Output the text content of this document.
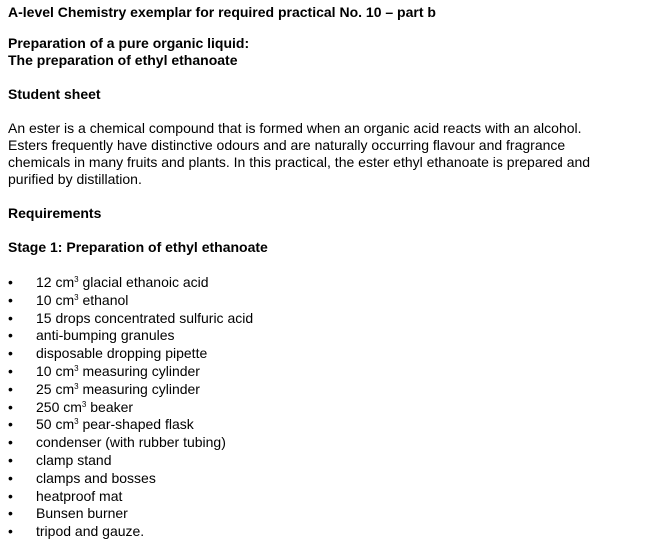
A-level Chemistry exemplar for required practical No. 10 – part b
Preparation of a pure organic liquid:
The preparation of ethyl ethanoate
Student sheet
An ester is a chemical compound that is formed when an organic acid reacts with an alcohol.
Esters frequently have distinctive odours and are naturally occurring flavour and fragrance
chemicals in many fruits and plants. In this practical, the ester ethyl ethanoate is prepared and
purified by distillation.
Requirements
Stage 1: Preparation of ethyl ethanoate
•	12 $cm^3$ glacial ethanoic acid
•	10 $cm^3$ ethanol
•	15 drops concentrated sulfuric acid
•	anti-bumping granules
•	disposable dropping pipette
•	10 $cm^3$ measuring cylinder
•	25 $cm^3$ measuring cylinder
•	250 $cm^3$ beaker
•	50 $cm^3$ pear-shaped flask
•	condenser (with rubber tubing)
•	clamp stand
•	clamps and bosses
•	heatproof mat
•	Bunsen burner
•	tripod and gauze.
